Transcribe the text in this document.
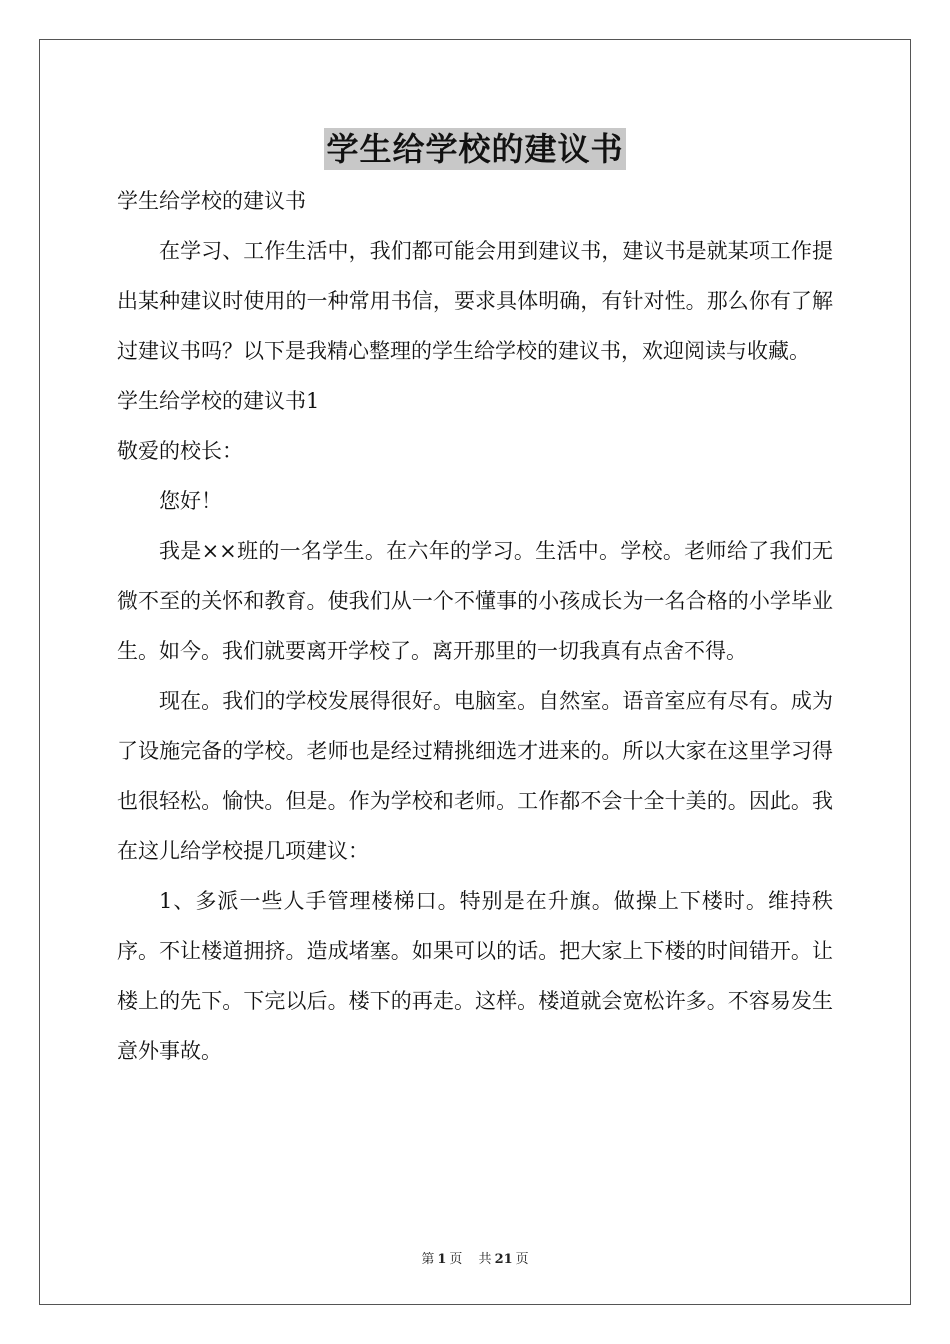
学生给学校的建议书
学生给学校的建议书

在学习、工作生活中，我们都可能会用到建议书，建议书是就某项工作提出某种建议时使用的一种常用书信，要求具体明确，有针对性。那么你有了解过建议书吗？以下是我精心整理的学生给学校的建议书，欢迎阅读与收藏。

学生给学校的建议书1
敬爱的校长：

您好！

我是××班的一名学生。在六年的学习。生活中。学校。老师给了我们无微不至的关怀和教育。使我们从一个不懂事的小孩成长为一名合格的小学毕业生。如今。我们就要离开学校了。离开那里的一切我真有点舍不得。

现在。我们的学校发展得很好。电脑室。自然室。语音室应有尽有。成为了设施完备的学校。老师也是经过精挑细选才进来的。所以大家在这里学习得也很轻松。愉快。但是。作为学校和老师。工作都不会十全十美的。因此。我在这儿给学校提几项建议：

1、多派一些人手管理楼梯口。特别是在升旗。做操上下楼时。维持秩序。不让楼道拥挤。造成堵塞。如果可以的话。把大家上下楼的时间错开。让楼上的先下。下完以后。楼下的再走。这样。楼道就会宽松许多。不容易发生意外事故。

第 1 页 共 21 页
